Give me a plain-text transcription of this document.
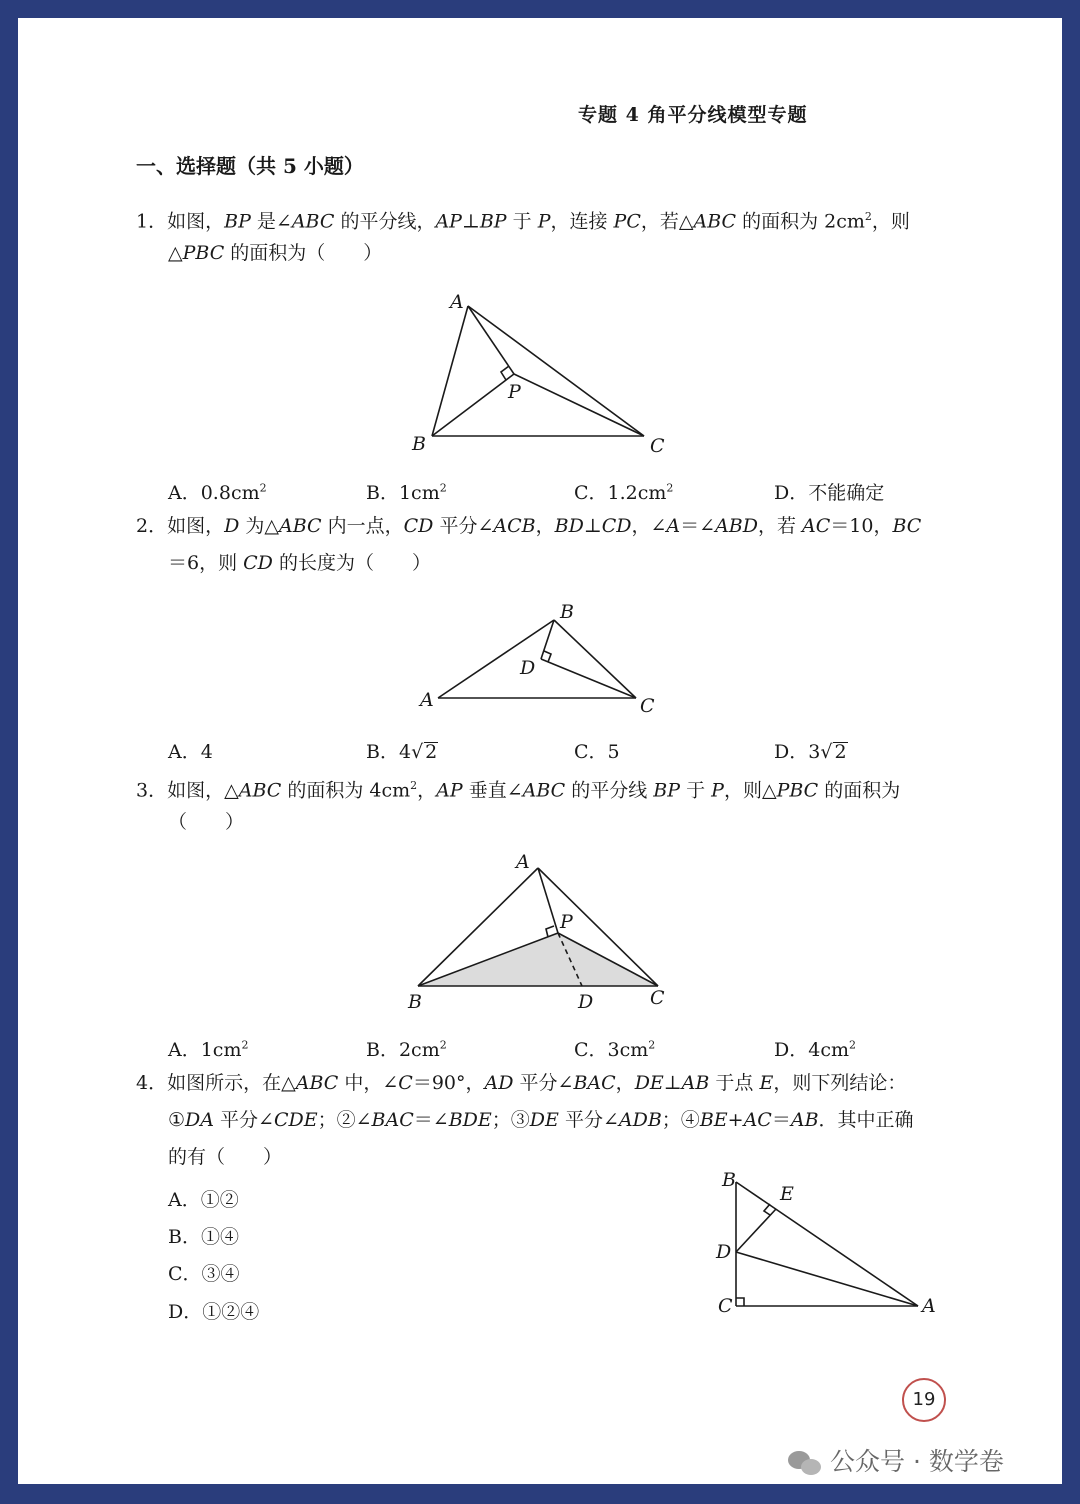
专题 4 角平分线模型专题
一、选择题（共 5 小题）
1．如图，BP 是∠ABC 的平分线，AP⊥BP 于 P，连接 PC，若△ABC 的面积为 $2cm^2$，则
△PBC 的面积为（　　）
A
B	C
P
A．$0.8cm^2$	B．$1cm^2$	C．$1.2cm^2$	D．不能确定
2．如图，D 为△ABC 内一点，CD 平分∠ACB，BD⊥CD，∠A＝∠ABD，若 AC＝10，BC
＝6，则 CD 的长度为（　　）
A
B
C
D
A．4	B．4√ 2	C．5	D．3√ 2
3．如图，△ABC 的面积为 $4cm^2$，AP 垂直∠ABC 的平分线 BP 于 P，则△PBC 的面积为
（　　）
A
B	C
D
P
A．$1cm^2$	B．$2cm^2$	C．$3cm^2$	D．$4cm^2$
4．如图所示，在△ABC 中，∠C＝90°，AD 平分∠BAC，DE⊥AB 于点 E，则下列结论：
①DA 平分∠CDE；②∠BAC＝∠BDE；③DE 平分∠ADB；④BE+AC＝AB．其中正确
的有（　　）
A．①②
B．①④
C．③④
D．①②④
B
E
D
C	A
19
公众号 · 数学卷
